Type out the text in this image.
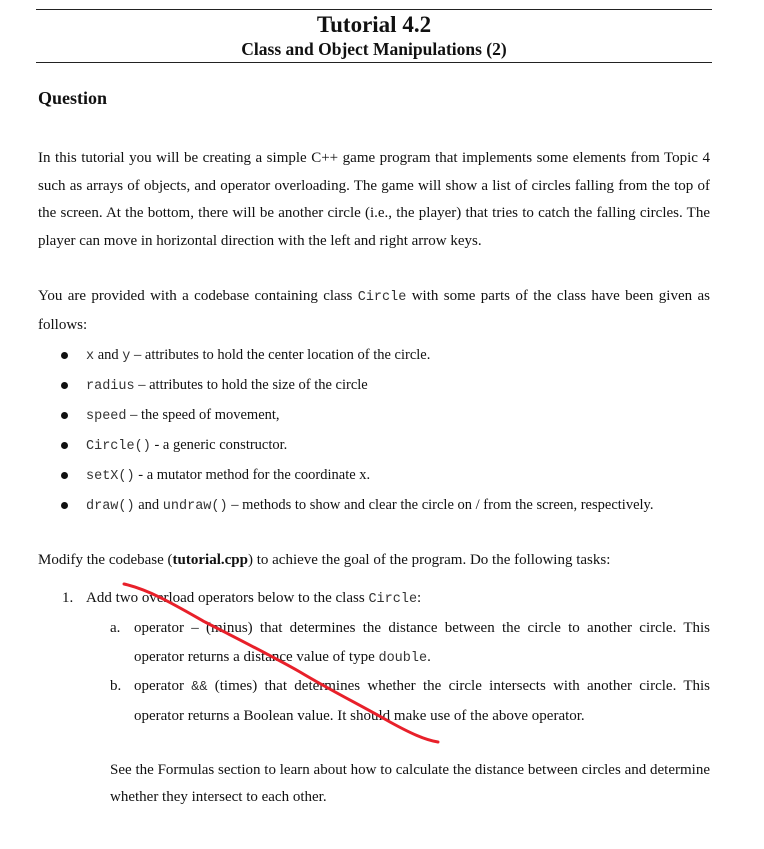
Tutorial 4.2
Class and Object Manipulations (2)
Question
In this tutorial you will be creating a simple C++ game program that implements some elements from Topic 4 such as arrays of objects, and operator overloading. The game will show a list of circles falling from the top of the screen. At the bottom, there will be another circle (i.e., the player) that tries to catch the falling circles. The player can move in horizontal direction with the left and right arrow keys.
You are provided with a codebase containing class Circle with some parts of the class have been given as follows:
x and y – attributes to hold the center location of the circle.
radius – attributes to hold the size of the circle
speed – the speed of movement,
Circle() - a generic constructor.
setX() - a mutator method for the coordinate x.
draw() and undraw() – methods to show and clear the circle on / from the screen, respectively.
Modify the codebase (tutorial.cpp) to achieve the goal of the program. Do the following tasks:
1. Add two overload operators below to the class Circle:
a. operator – (minus) that determines the distance between the circle to another circle. This operator returns a distance value of type double.
b. operator && (times) that determines whether the circle intersects with another circle. This operator returns a Boolean value. It should make use of the above operator.
See the Formulas section to learn about how to calculate the distance between circles and determine whether they intersect to each other.
